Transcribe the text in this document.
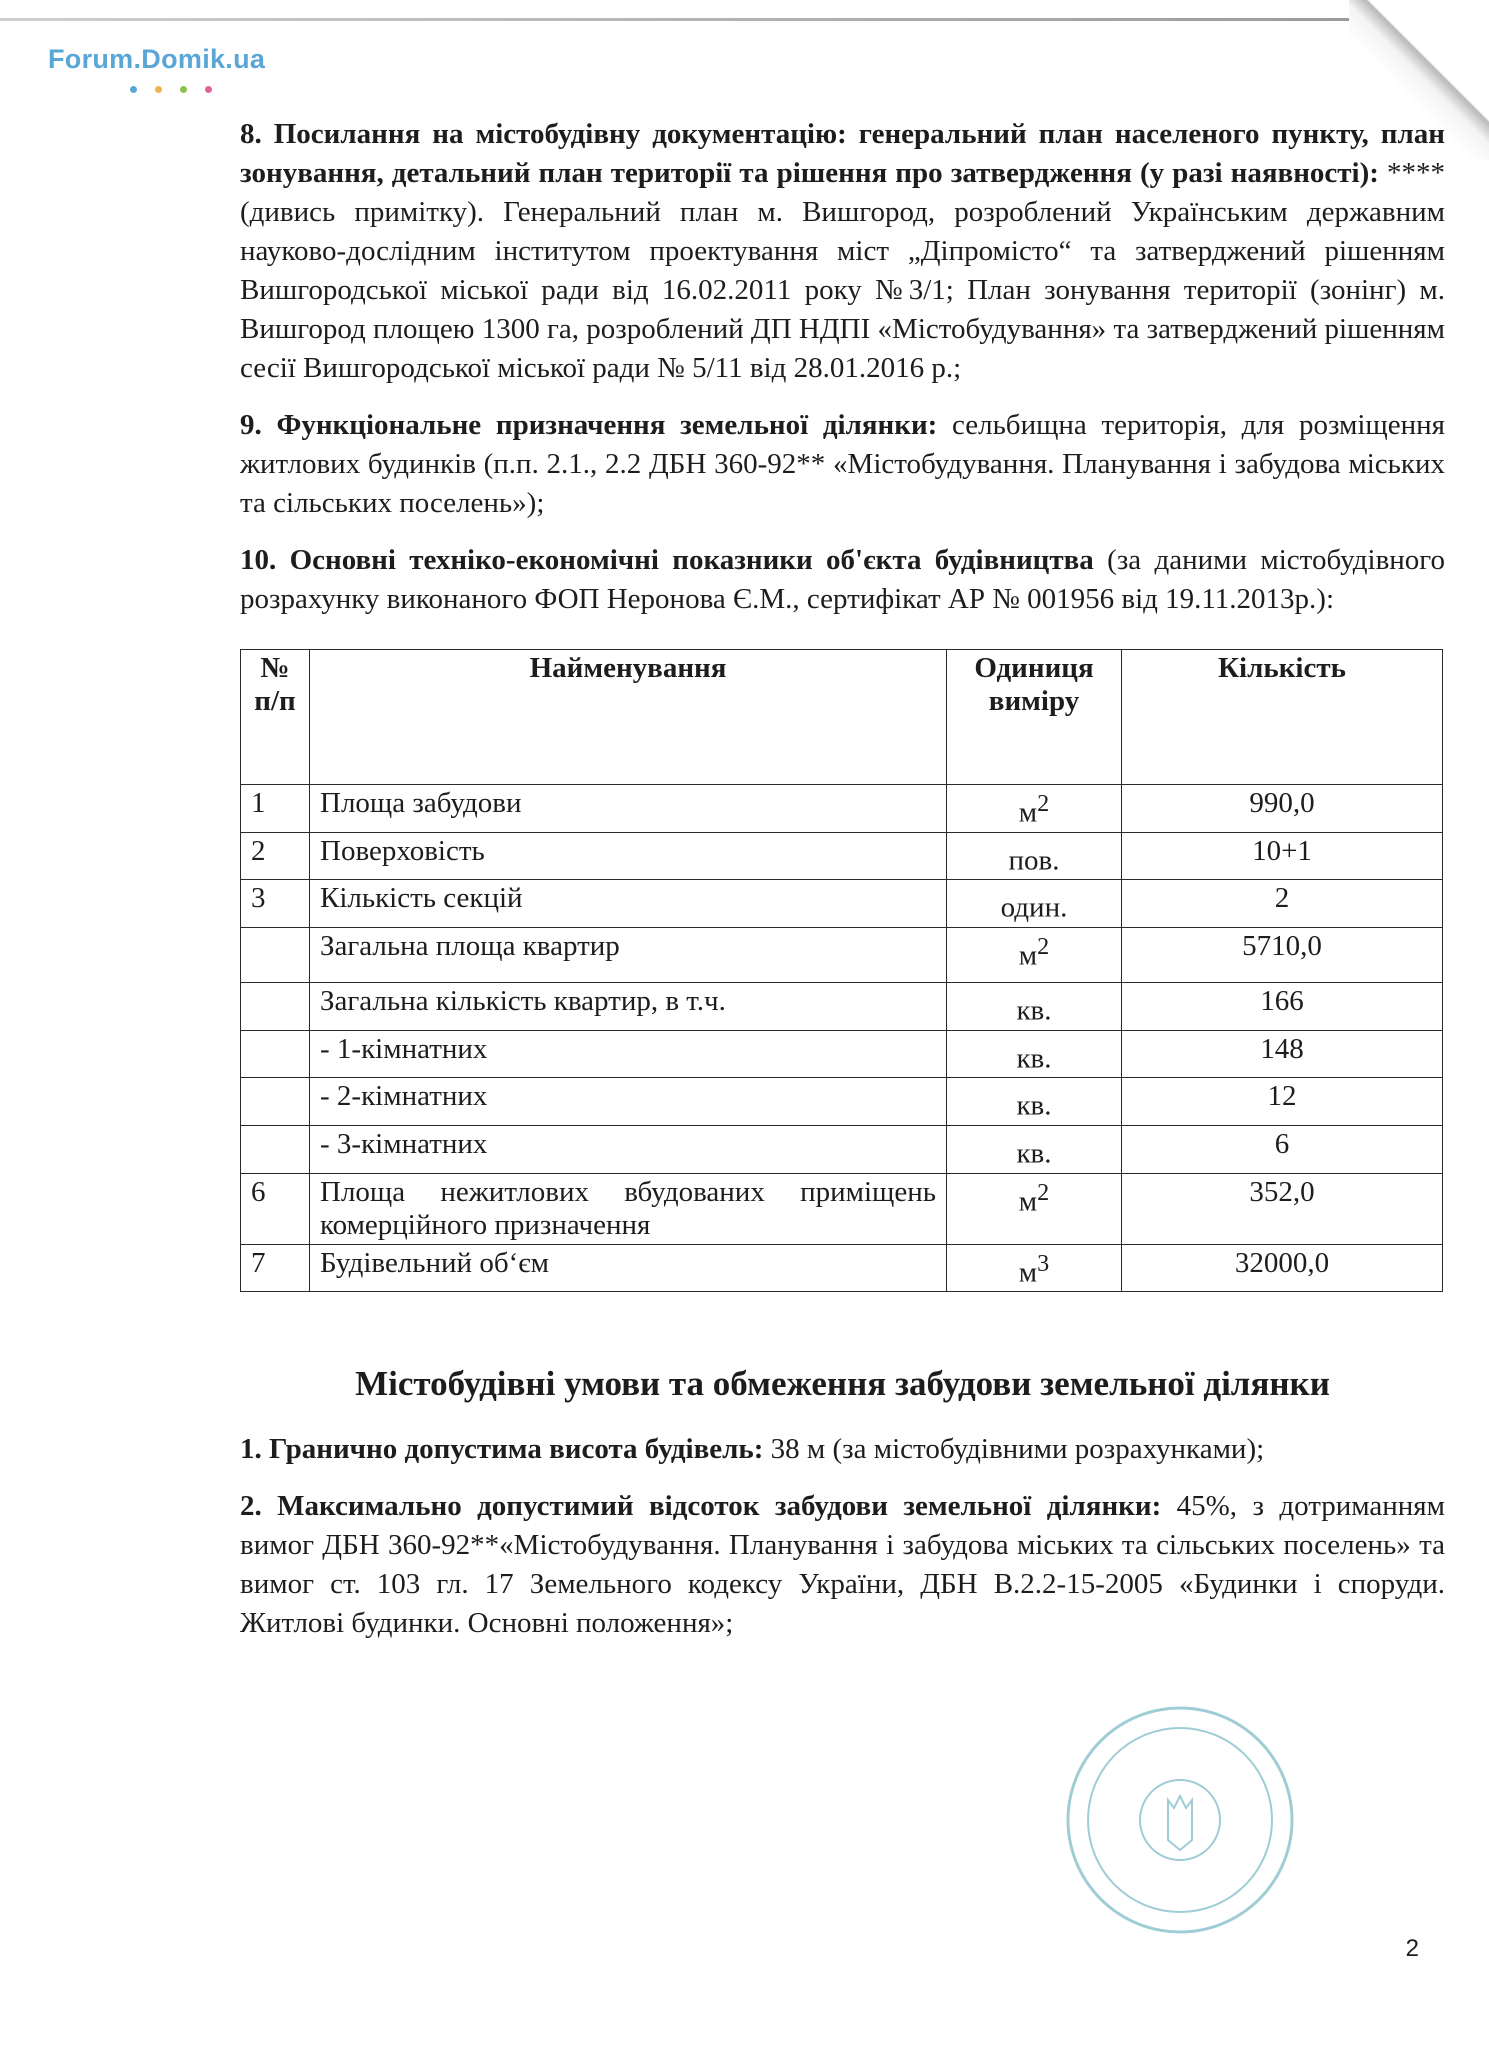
Forum.Domik.ua

8. Посилання на містобудівну документацію: генеральний план населеного пункту, план зонування, детальний план території та рішення про затвердження (у разі наявності): **** (дивись примітку). Генеральний план м. Вишгород, розроблений Українським державним науково-дослідним інститутом проектування міст „Діпромісто“ та затверджений рішенням Вишгородської міської ради від 16.02.2011 року №3/1; План зонування території (зонінг) м. Вишгород площею 1300 га, розроблений ДП НДПІ «Містобудування» та затверджений рішенням сесії Вишгородської міської ради № 5/11 від 28.01.2016 р.;

9. Функціональне призначення земельної ділянки: сельбищна територія, для розміщення житлових будинків (п.п. 2.1., 2.2 ДБН 360-92** «Містобудування. Планування і забудова міських та сільських поселень»);

10. Основні техніко-економічні показники об'єкта будівництва (за даними містобудівного розрахунку виконаного ФОП Неронова Є.М., сертифікат АР № 001956 від 19.11.2013р.):

№ п/п	Найменування	Одиниця виміру	Кількість
1	Площа забудови	$м^2$	990,0
2	Поверховість	пов.	10+1
3	Кількість секцій	один.	2
	Загальна площа квартир	$м^2$	5710,0
	Загальна кількість квартир, в т.ч.	кв.	166
	- 1-кімнатних	кв.	148
	- 2-кімнатних	кв.	12
	- 3-кімнатних	кв.	6
6	Площа нежитлових вбудованих приміщень комерційного призначення	$м^2$	352,0
7	Будівельний об‘єм	$м^3$	32000,0
Містобудівні умови та обмеження забудови земельної ділянки

1. Гранично допустима висота будівель: 38 м (за містобудівними розрахунками);

2. Максимально допустимий відсоток забудови земельної ділянки: 45%, з дотриманням вимог ДБН 360-92**«Містобудування. Планування і забудова міських та сільських поселень» та вимог ст. 103 гл. 17 Земельного кодексу України, ДБН В.2.2-15-2005 «Будинки і споруди. Житлові будинки. Основні положення»;

2
